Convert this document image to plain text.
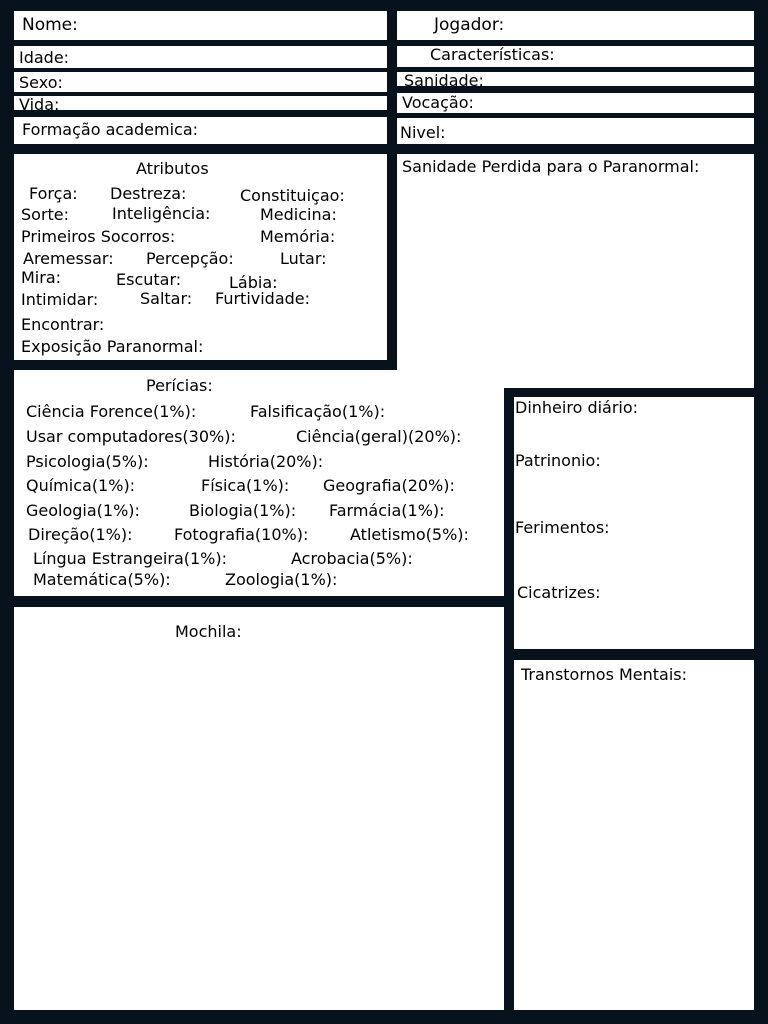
Nome:
Idade:
Sexo:
Vida:
Formação academica:
Jogador:
Características:
Sanidade:
Vocação:
Nivel:
Atributos
Força: Destreza:	Constituiçao:
Sorte:	Inteligência:	Medicina:
Primeiros Socorros:	Memória:
Aremessar: Percepção:	Lutar:
Mira:	Escutar:	Lábia:
Intimidar:	Saltar: Furtividade:
Encontrar:
Exposição Paranormal:
Sanidade Perdida para o Paranormal:
Perícias:
Ciência Forence(1%):	Falsificação(1%):
Usar computadores(30%):	Ciência(geral)(20%):
Psicologia(5%):	História(20%):
Química(1%):	Física(1%): Geografia(20%):
Geologia(1%):	Biologia(1%): Farmácia(1%):
Direção(1%):	Fotografia(10%):	Atletismo(5%):
Língua Estrangeira(1%):	Acrobacia(5%):
Matemática(5%):	Zoologia(1%):
Dinheiro diário:
Patrinonio:
Ferimentos:
Cicatrizes:
Mochila:
Transtornos Mentais:
